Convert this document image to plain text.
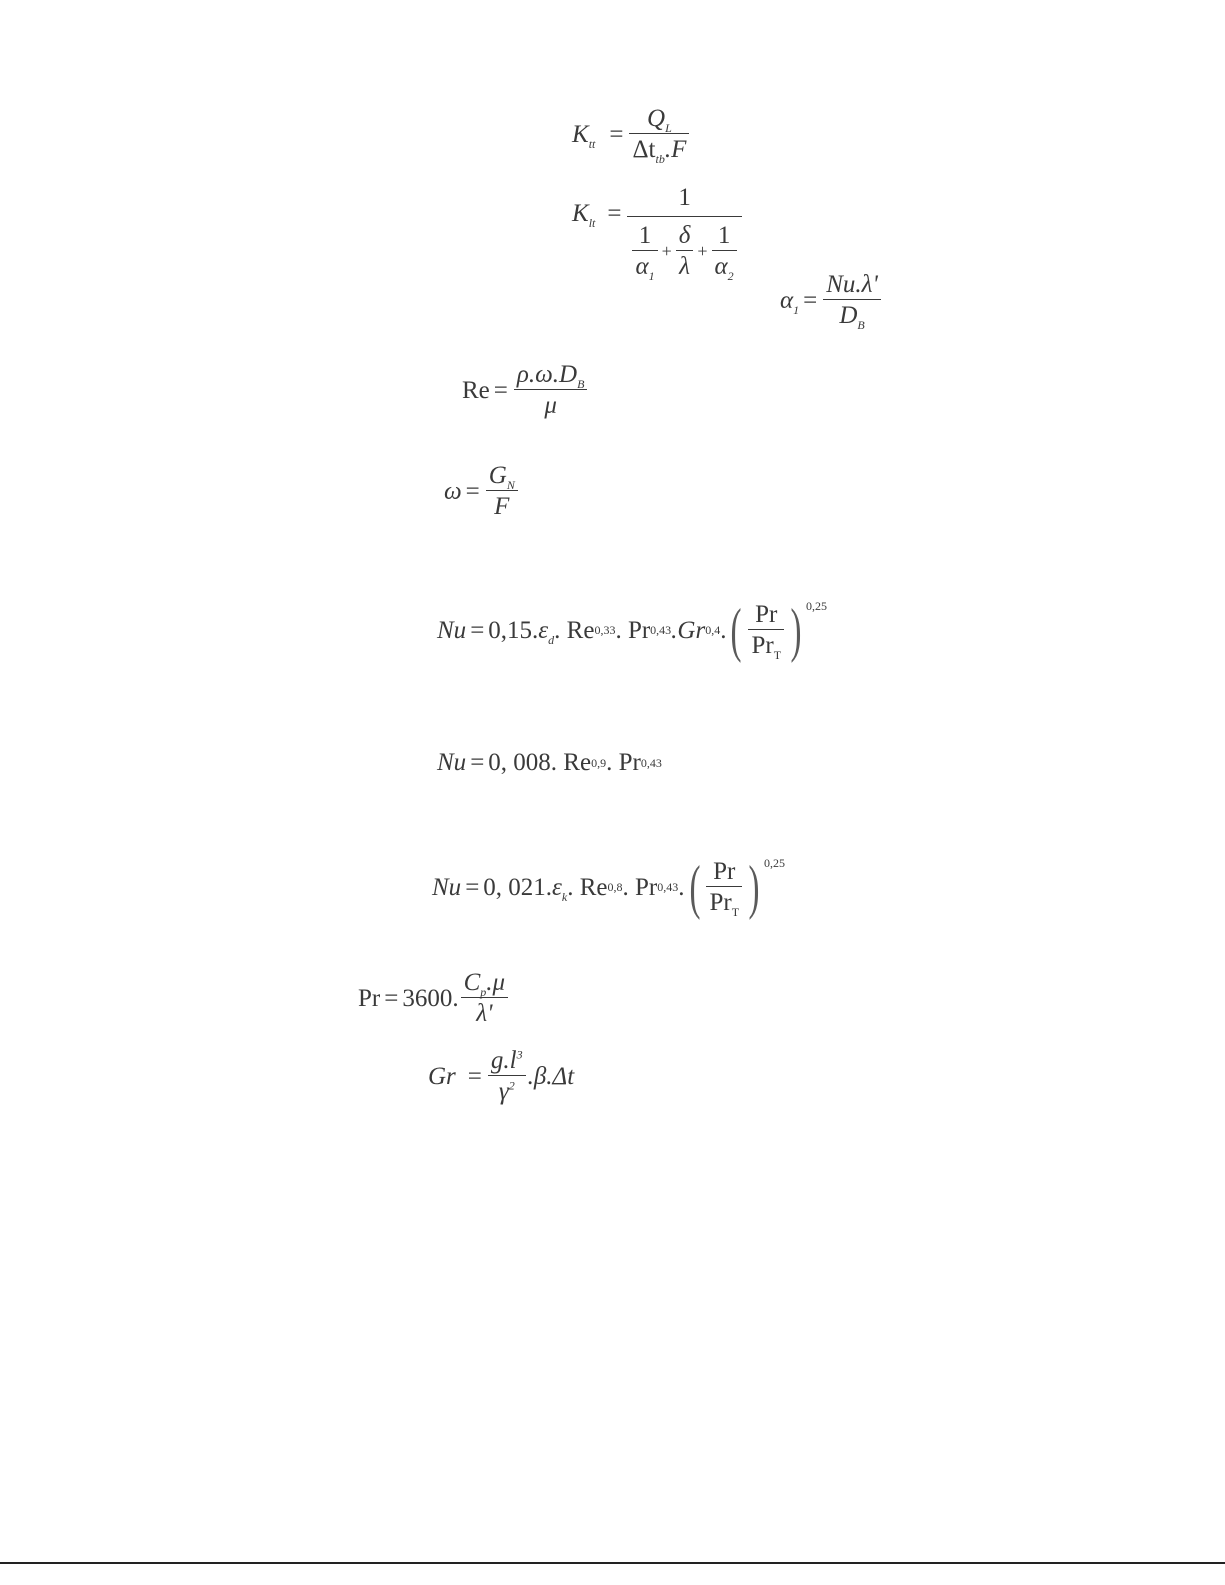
$K_{tt} = \frac{Q_L}{\Delta t_{tb}.F}$
$K_{lt} = \frac{1}{\frac{1}{\alpha_1} + \frac{\delta}{\lambda} + \frac{1}{\alpha_2}}$
$\alpha_1 = \frac{Nu.\lambda'}{D_B}$
$Re = \frac{\rho.\omega.D_B}{\mu}$
$\omega = \frac{G_N}{F}$
Nu = 0,15. $\varepsilon_d$ . Re 0,33 . Pr 0,43 .Gr 0,4 . ( $\frac{Pr}{Pr_T}$ ) 0,25
Nu = 0, 008. Re 0,9 . Pr 0,43
Nu = 0, 021. $\varepsilon_k$ . Re 0,8 . Pr 0,43 . ( $\frac{Pr}{Pr_T}$ ) 0,25
Pr = 3600. $\frac{C_p.\mu}{\lambda'}$
$Gr = \frac{g.l^3}{\gamma^2} .\beta.\Delta t$
